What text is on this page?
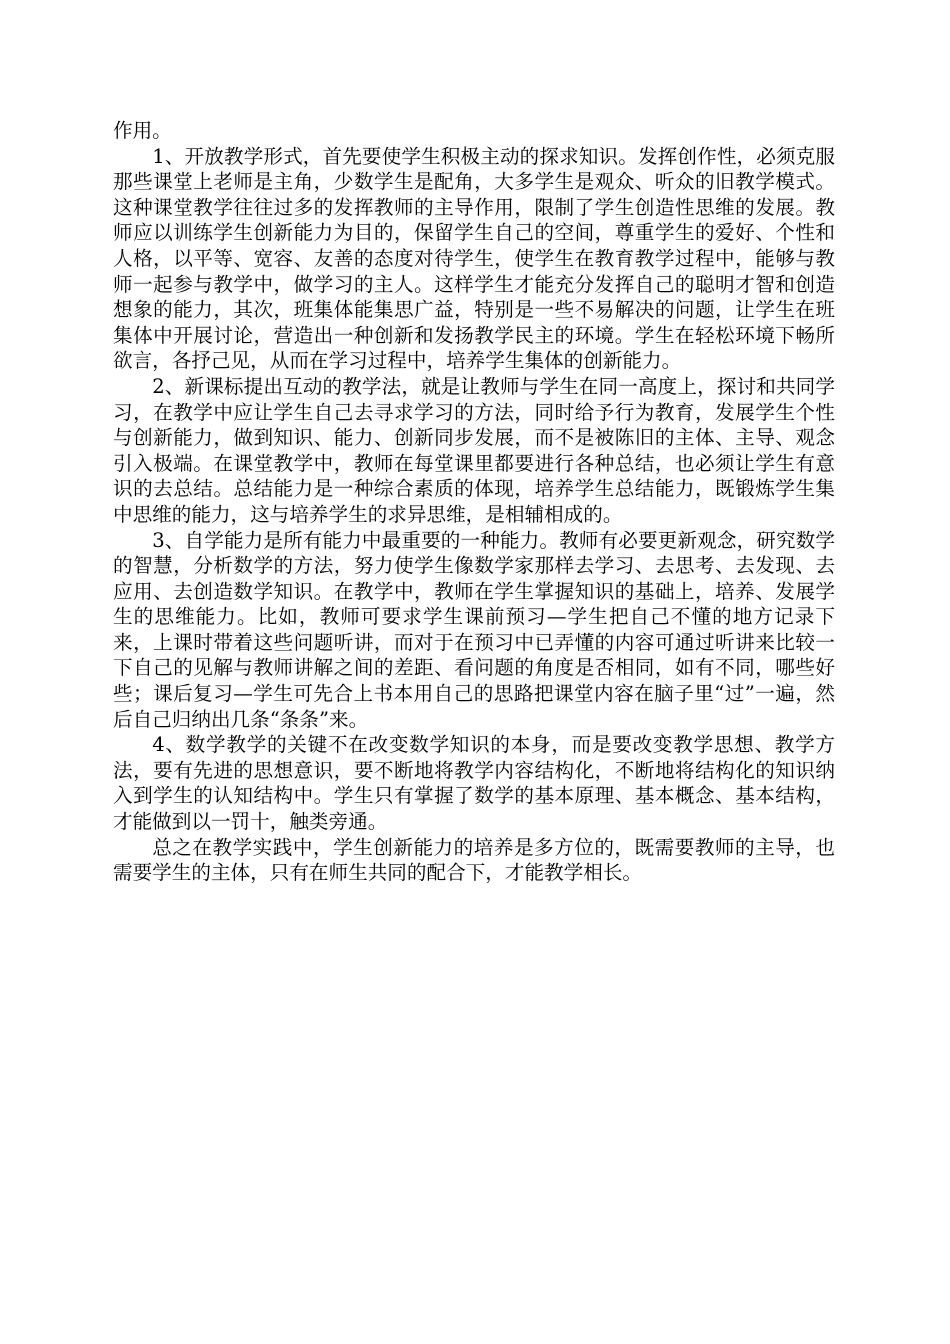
作用。

1、开放教学形式，首先要使学生积极主动的探求知识。发挥创作性，必须克服那些课堂上老师是主角，少数学生是配角，大多学生是观众、听众的旧教学模式。这种课堂教学往往过多的发挥教师的主导作用，限制了学生创造性思维的发展。教师应以训练学生创新能力为目的，保留学生自己的空间，尊重学生的爱好、个性和人格，以平等、宽容、友善的态度对待学生，使学生在教育教学过程中，能够与教师一起参与教学中，做学习的主人。这样学生才能充分发挥自己的聪明才智和创造想象的能力，其次，班集体能集思广益，特别是一些不易解决的问题，让学生在班集体中开展讨论，营造出一种创新和发扬教学民主的环境。学生在轻松环境下畅所欲言，各抒己见，从而在学习过程中，培养学生集体的创新能力。

2、新课标提出互动的教学法，就是让教师与学生在同一高度上，探讨和共同学习，在教学中应让学生自己去寻求学习的方法，同时给予行为教育，发展学生个性与创新能力，做到知识、能力、创新同步发展，而不是被陈旧的主体、主导、观念引入极端。在课堂教学中，教师在每堂课里都要进行各种总结，也必须让学生有意识的去总结。总结能力是一种综合素质的体现，培养学生总结能力，既锻炼学生集中思维的能力，这与培养学生的求异思维，是相辅相成的。

3、自学能力是所有能力中最重要的一种能力。教师有必要更新观念，研究数学的智慧，分析数学的方法，努力使学生像数学家那样去学习、去思考、去发现、去应用、去创造数学知识。在教学中，教师在学生掌握知识的基础上，培养、发展学生的思维能力。比如，教师可要求学生课前预习—学生把自己不懂的地方记录下来，上课时带着这些问题听讲，而对于在预习中已弄懂的内容可通过听讲来比较一下自己的见解与教师讲解之间的差距、看问题的角度是否相同，如有不同，哪些好些；课后复习—学生可先合上书本用自己的思路把课堂内容在脑子里“过”一遍，然后自己归纳出几条“条条”来。

4、数学教学的关键不在改变数学知识的本身，而是要改变教学思想、教学方法，要有先进的思想意识，要不断地将教学内容结构化，不断地将结构化的知识纳入到学生的认知结构中。学生只有掌握了数学的基本原理、基本概念、基本结构，才能做到以一罚十，触类旁通。

总之在教学实践中，学生创新能力的培养是多方位的，既需要教师的主导，也需要学生的主体，只有在师生共同的配合下，才能教学相长。
